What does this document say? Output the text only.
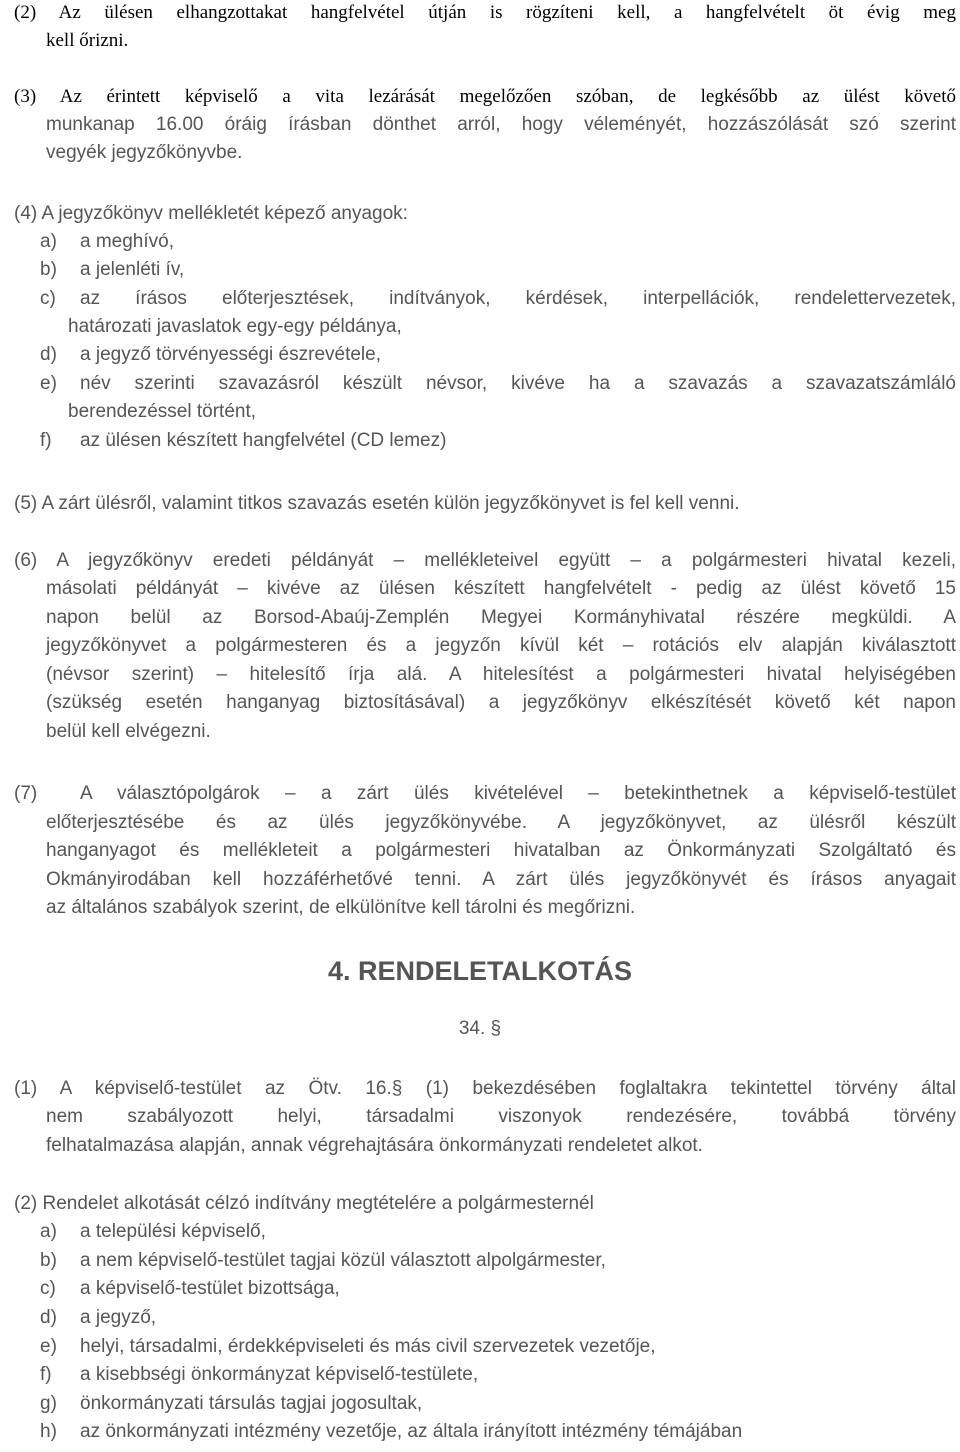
(2) Az ülésen elhangzottakat hangfelvétel útján is rögzíteni kell, a hangfelvételt öt évig meg
kell őrizni.
(3) Az érintett képviselő a vita lezárását megelőzően szóban, de legkésőbb az ülést követő
munkanap 16.00 óráig írásban dönthet arról, hogy véleményét, hozzászólását szó szerint
vegyék jegyzőkönyvbe.
(4) A jegyzőkönyv mellékletét képező anyagok:
a) a meghívó,
b) a jelenléti ív,
c) az írásos előterjesztések, indítványok, kérdések, interpellációk, rendelettervezetek,
határozati javaslatok egy-egy példánya,
d) a jegyző törvényességi észrevétele,
e) név szerinti szavazásról készült névsor, kivéve ha a szavazás a szavazatszámláló
berendezéssel történt,
f) az ülésen készített hangfelvétel (CD lemez)
(5) A zárt ülésről, valamint titkos szavazás esetén külön jegyzőkönyvet is fel kell venni.
(6) A jegyzőkönyv eredeti példányát – mellékleteivel együtt – a polgármesteri hivatal kezeli,
másolati példányát – kivéve az ülésen készített hangfelvételt - pedig az ülést követő 15
napon belül az Borsod-Abaúj-Zemplén Megyei Kormányhivatal részére megküldi. A
jegyzőkönyvet a polgármesteren és a jegyzőn kívül két – rotációs elv alapján kiválasztott
(névsor szerint) – hitelesítő írja alá. A hitelesítést a polgármesteri hivatal helyiségében
(szükség esetén hanganyag biztosításával) a jegyzőkönyv elkészítését követő két napon
belül kell elvégezni.
(7) A választópolgárok – a zárt ülés kivételével – betekinthetnek a képviselő-testület
előterjesztésébe és az ülés jegyzőkönyvébe. A jegyzőkönyvet, az ülésről készült
hanganyagot és mellékleteit a polgármesteri hivatalban az Önkormányzati Szolgáltató és
Okmányirodában kell hozzáférhetővé tenni. A zárt ülés jegyzőkönyvét és írásos anyagait
az általános szabályok szerint, de elkülönítve kell tárolni és megőrizni.
4. RENDELETALKOTÁS
34. §
(1) A képviselő-testület az Ötv. 16.§ (1) bekezdésében foglaltakra tekintettel törvény által
nem szabályozott helyi, társadalmi viszonyok rendezésére, továbbá törvény
felhatalmazása alapján, annak végrehajtására önkormányzati rendeletet alkot.
(2) Rendelet alkotását célzó indítvány megtételére a polgármesternél
a) a települési képviselő,
b) a nem képviselő-testület tagjai közül választott alpolgármester,
c) a képviselő-testület bizottsága,
d) a jegyző,
e) helyi, társadalmi, érdekképviseleti és más civil szervezetek vezetője,
f) a kisebbségi önkormányzat képviselő-testülete,
g) önkormányzati társulás tagjai jogosultak,
h) az önkormányzati intézmény vezetője, az általa irányított intézmény témájában
